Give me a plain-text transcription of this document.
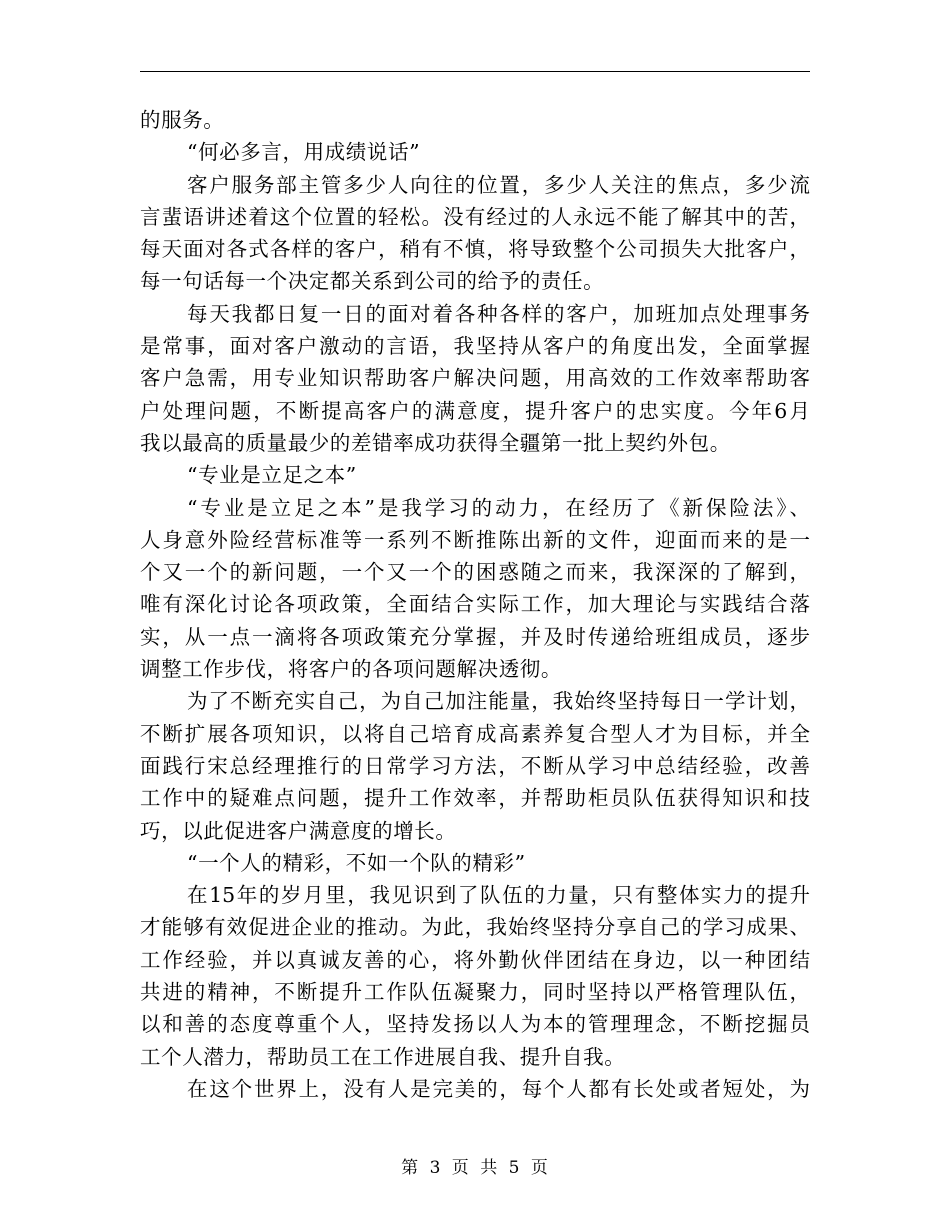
的服务。
“何必多言，用成绩说话”
客户服务部主管多少人向往的位置，多少人关注的焦点，多少流
言蜚语讲述着这个位置的轻松。没有经过的人永远不能了解其中的苦，
每天面对各式各样的客户，稍有不慎，将导致整个公司损失大批客户，
每一句话每一个决定都关系到公司的给予的责任。
每天我都日复一日的面对着各种各样的客户，加班加点处理事务
是常事，面对客户激动的言语，我坚持从客户的角度出发，全面掌握
客户急需，用专业知识帮助客户解决问题，用高效的工作效率帮助客
户处理问题，不断提高客户的满意度，提升客户的忠实度。今年6月
我以最高的质量最少的差错率成功获得全疆第一批上契约外包。
“专业是立足之本”
“专业是立足之本”是我学习的动力，在经历了《新保险法》、
人身意外险经营标准等一系列不断推陈出新的文件，迎面而来的是一
个又一个的新问题，一个又一个的困惑随之而来，我深深的了解到，
唯有深化讨论各项政策，全面结合实际工作，加大理论与实践结合落
实，从一点一滴将各项政策充分掌握，并及时传递给班组成员，逐步
调整工作步伐，将客户的各项问题解决透彻。
为了不断充实自己，为自己加注能量，我始终坚持每日一学计划，
不断扩展各项知识，以将自己培育成高素养复合型人才为目标，并全
面践行宋总经理推行的日常学习方法，不断从学习中总结经验，改善
工作中的疑难点问题，提升工作效率，并帮助柜员队伍获得知识和技
巧，以此促进客户满意度的增长。
“一个人的精彩，不如一个队的精彩”
在15年的岁月里，我见识到了队伍的力量，只有整体实力的提升
才能够有效促进企业的推动。为此，我始终坚持分享自己的学习成果、
工作经验，并以真诚友善的心，将外勤伙伴团结在身边，以一种团结
共进的精神，不断提升工作队伍凝聚力，同时坚持以严格管理队伍，
以和善的态度尊重个人，坚持发扬以人为本的管理理念，不断挖掘员
工个人潜力，帮助员工在工作进展自我、提升自我。
在这个世界上，没有人是完美的，每个人都有长处或者短处，为
第 3 页 共 5 页
